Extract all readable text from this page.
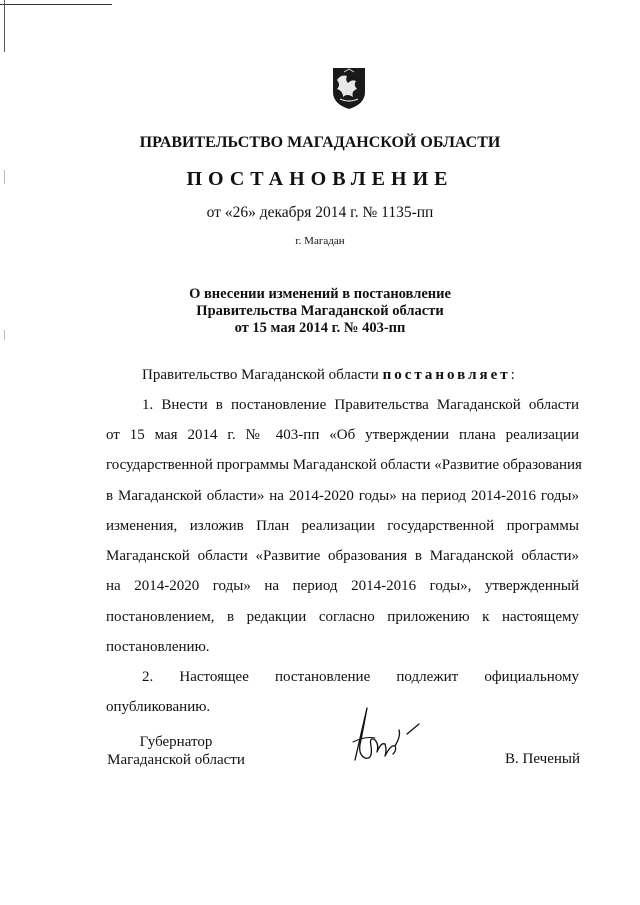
ПРАВИТЕЛЬСТВО МАГАДАНСКОЙ ОБЛАСТИ
ПОСТАНОВЛЕНИЕ
от «26» декабря 2014 г. № 1135-пп
г. Магадан
О внесении изменений в постановление
Правительства Магаданской области
от 15 мая 2014 г. № 403-пп
Правительство Магаданской области постановляет:
1. Внести в постановление Правительства Магаданской области
от 15 мая 2014 г. № 403-пп «Об утверждении плана реализации
государственной программы Магаданской области «Развитие образования
в Магаданской области» на 2014-2020 годы» на период 2014-2016 годы»
изменения, изложив План реализации государственной программы
Магаданской области «Развитие образования в Магаданской области»
на 2014-2020 годы» на период 2014-2016 годы», утвержденный
постановлением, в редакции согласно приложению к настоящему
постановлению.
2. Настоящее постановление подлежит официальному
опубликованию.
Губернатор
Магаданской области	В. Печеный
